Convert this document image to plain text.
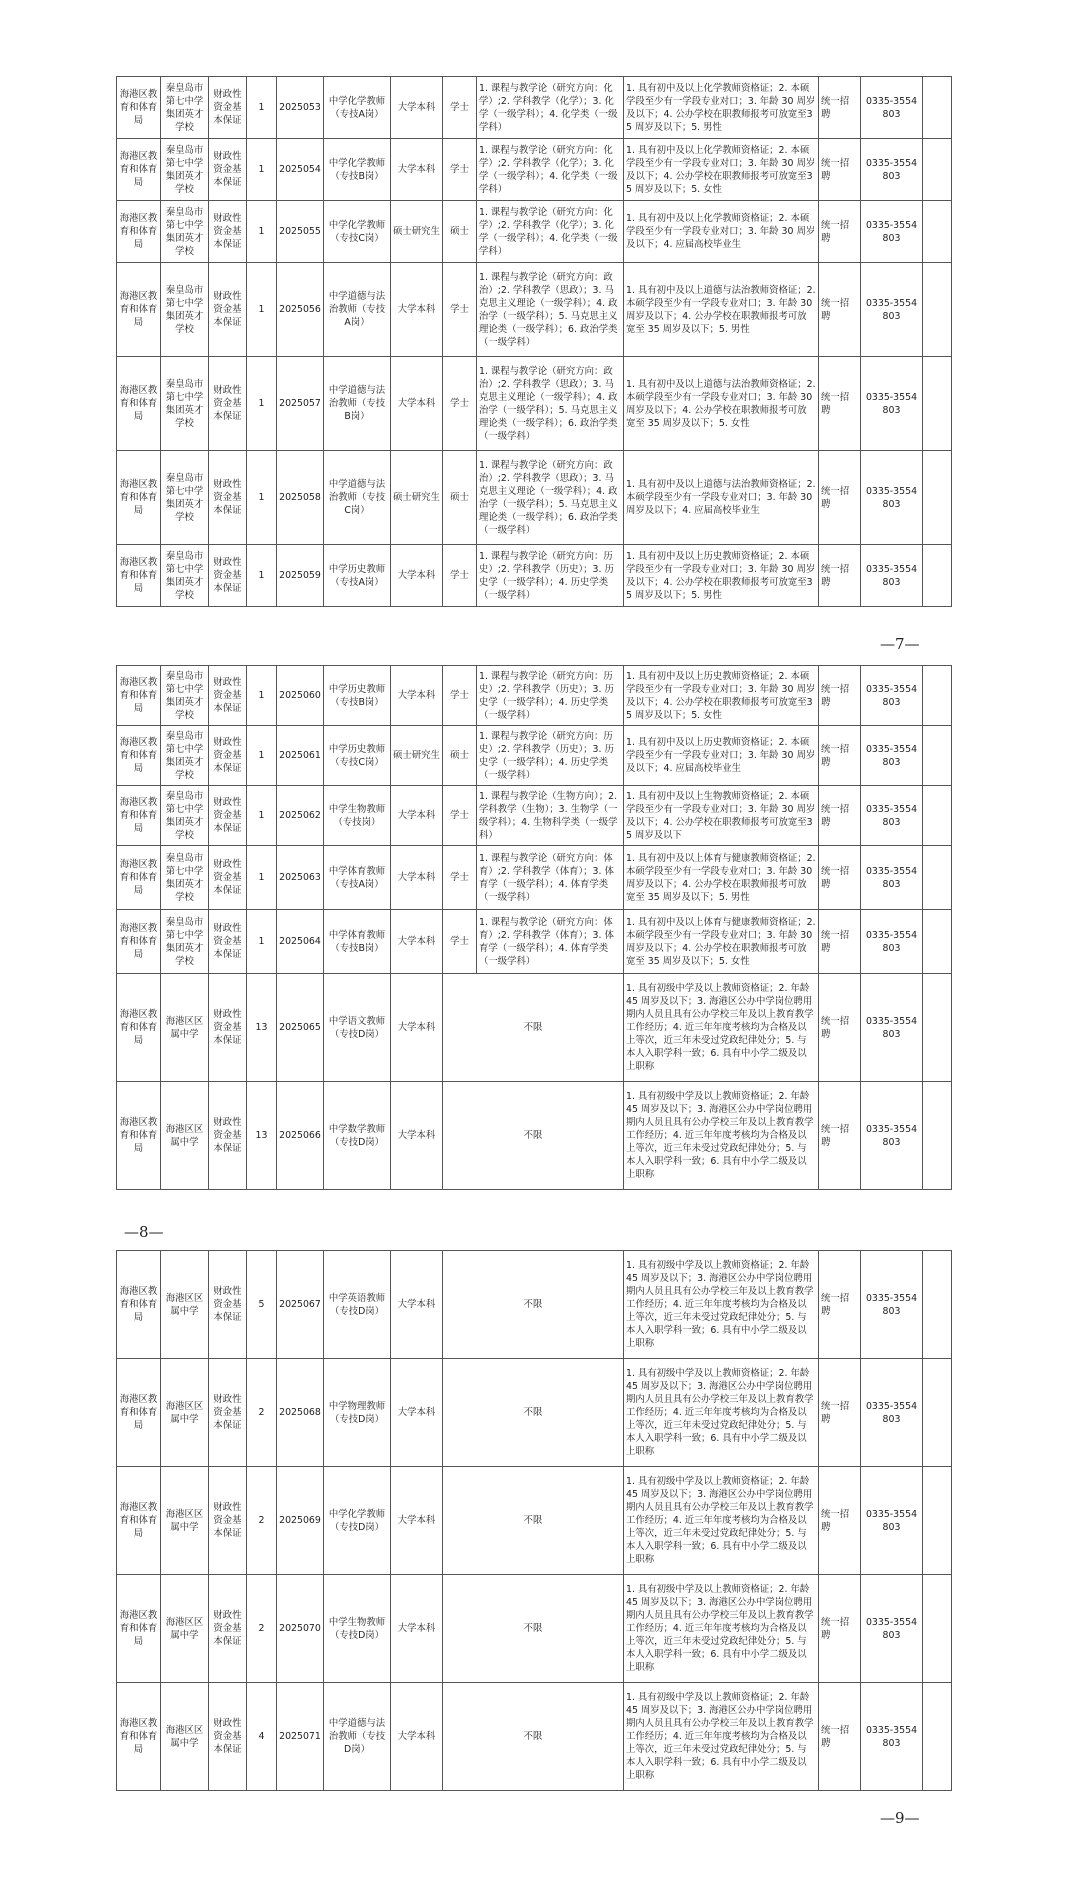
海港区教育和体育局	秦皇岛市第七中学集团英才学校	财政性资金基本保证	1	2025053	中学化学教师（专技A岗）	大学本科	学士	1. 课程与教学论（研究方向：化学）;2. 学科教学（化学）；3. 化学（一级学科）；4. 化学类（一级学科）	1. 具有初中及以上化学教师资格证；2. 本硕学段至少有一学段专业对口；3. 年龄 30 周岁及以下；4. 公办学校在职教师报考可放宽至35 周岁及以下；5. 男性	统一招聘	0335-3554803	
海港区教育和体育局	秦皇岛市第七中学集团英才学校	财政性资金基本保证	1	2025054	中学化学教师（专技B岗）	大学本科	学士	1. 课程与教学论（研究方向：化学）;2. 学科教学（化学）；3. 化学（一级学科）；4. 化学类（一级学科）	1. 具有初中及以上化学教师资格证；2. 本硕学段至少有一学段专业对口；3. 年龄 30 周岁及以下；4. 公办学校在职教师报考可放宽至35 周岁及以下；5. 女性	统一招聘	0335-3554803	
海港区教育和体育局	秦皇岛市第七中学集团英才学校	财政性资金基本保证	1	2025055	中学化学教师（专技C岗）	硕士研究生	硕士	1. 课程与教学论（研究方向：化学）;2. 学科教学（化学）；3. 化学（一级学科）；4. 化学类（一级学科）	1. 具有初中及以上化学教师资格证；2. 本硕学段至少有一学段专业对口；3. 年龄 30 周岁及以下；4. 应届高校毕业生	统一招聘	0335-3554803	
海港区教育和体育局	秦皇岛市第七中学集团英才学校	财政性资金基本保证	1	2025056	中学道德与法治教师（专技A岗）	大学本科	学士	1. 课程与教学论（研究方向：政治）;2. 学科教学（思政）；3. 马克思主义理论（一级学科）；4. 政治学（一级学科）；5. 马克思主义理论类（一级学科）；6. 政治学类（一级学科）	1. 具有初中及以上道德与法治教师资格证；2. 本硕学段至少有一学段专业对口；3. 年龄 30 周岁及以下；4. 公办学校在职教师报考可放宽至 35 周岁及以下；5. 男性	统一招聘	0335-3554803	
海港区教育和体育局	秦皇岛市第七中学集团英才学校	财政性资金基本保证	1	2025057	中学道德与法治教师（专技B岗）	大学本科	学士	1. 课程与教学论（研究方向：政治）;2. 学科教学（思政）；3. 马克思主义理论（一级学科）；4. 政治学（一级学科）；5. 马克思主义理论类（一级学科）；6. 政治学类（一级学科）	1. 具有初中及以上道德与法治教师资格证；2. 本硕学段至少有一学段专业对口；3. 年龄 30 周岁及以下；4. 公办学校在职教师报考可放宽至 35 周岁及以下；5. 女性	统一招聘	0335-3554803	
海港区教育和体育局	秦皇岛市第七中学集团英才学校	财政性资金基本保证	1	2025058	中学道德与法治教师（专技C岗）	硕士研究生	硕士	1. 课程与教学论（研究方向：政治）;2. 学科教学（思政）；3. 马克思主义理论（一级学科）；4. 政治学（一级学科）；5. 马克思主义理论类（一级学科）；6. 政治学类（一级学科）	1. 具有初中及以上道德与法治教师资格证；2. 本硕学段至少有一学段专业对口；3. 年龄 30 周岁及以下；4. 应届高校毕业生	统一招聘	0335-3554803	
海港区教育和体育局	秦皇岛市第七中学集团英才学校	财政性资金基本保证	1	2025059	中学历史教师（专技A岗）	大学本科	学士	1. 课程与教学论（研究方向：历史）;2. 学科教学（历史）；3. 历史学（一级学科）；4. 历史学类（一级学科）	1. 具有初中及以上历史教师资格证；2. 本硕学段至少有一学段专业对口；3. 年龄 30 周岁及以下；4. 公办学校在职教师报考可放宽至35 周岁及以下；5. 男性	统一招聘	0335-3554803	
—7—
海港区教育和体育局	秦皇岛市第七中学集团英才学校	财政性资金基本保证	1	2025060	中学历史教师（专技B岗）	大学本科	学士	1. 课程与教学论（研究方向：历史）;2. 学科教学（历史）；3. 历史学（一级学科）；4. 历史学类（一级学科）	1. 具有初中及以上历史教师资格证；2. 本硕学段至少有一学段专业对口；3. 年龄 30 周岁及以下；4. 公办学校在职教师报考可放宽至35 周岁及以下；5. 女性	统一招聘	0335-3554803	
海港区教育和体育局	秦皇岛市第七中学集团英才学校	财政性资金基本保证	1	2025061	中学历史教师（专技C岗）	硕士研究生	硕士	1. 课程与教学论（研究方向：历史）;2. 学科教学（历史）；3. 历史学（一级学科）；4. 历史学类（一级学科）	1. 具有初中及以上历史教师资格证；2. 本硕学段至少有一学段专业对口；3. 年龄 30 周岁及以下；4. 应届高校毕业生	统一招聘	0335-3554803	
海港区教育和体育局	秦皇岛市第七中学集团英才学校	财政性资金基本保证	1	2025062	中学生物教师（专技岗）	大学本科	学士	1. 课程与教学论（生物方向）；2. 学科教学（生物）；3. 生物学（一级学科）；4. 生物科学类（一级学科）	1. 具有初中及以上生物教师资格证；2. 本硕学段至少有一学段专业对口；3. 年龄 30 周岁及以下；4. 公办学校在职教师报考可放宽至35 周岁及以下	统一招聘	0335-3554803	
海港区教育和体育局	秦皇岛市第七中学集团英才学校	财政性资金基本保证	1	2025063	中学体育教师（专技A岗）	大学本科	学士	1. 课程与教学论（研究方向：体育）;2. 学科教学（体育）；3. 体育学（一级学科）；4. 体育学类（一级学科）	1. 具有初中及以上体育与健康教师资格证；2. 本硕学段至少有一学段专业对口；3. 年龄 30 周岁及以下；4. 公办学校在职教师报考可放宽至 35 周岁及以下；5. 男性	统一招聘	0335-3554803	
海港区教育和体育局	秦皇岛市第七中学集团英才学校	财政性资金基本保证	1	2025064	中学体育教师（专技B岗）	大学本科	学士	1. 课程与教学论（研究方向：体育）;2. 学科教学（体育）；3. 体育学（一级学科）；4. 体育学类（一级学科）	1. 具有初中及以上体育与健康教师资格证；2. 本硕学段至少有一学段专业对口；3. 年龄 30 周岁及以下；4. 公办学校在职教师报考可放宽至 35 周岁及以下；5. 女性	统一招聘	0335-3554803	
海港区教育和体育局	海港区区属中学	财政性资金基本保证	13	2025065	中学语文教师（专技D岗）	大学本科	不限		1. 具有初级中学及以上教师资格证；2. 年龄 45 周岁及以下；3. 海港区公办中学岗位聘用期内人员且具有公办学校三年及以上教育教学工作经历；4. 近三年年度考核均为合格及以上等次，近三年未受过党政纪律处分；5. 与本人入职学科一致；6. 具有中小学二级及以上职称	统一招聘	0335-3554803	
海港区教育和体育局	海港区区属中学	财政性资金基本保证	13	2025066	中学数学教师（专技D岗）	大学本科	不限		1. 具有初级中学及以上教师资格证；2. 年龄 45 周岁及以下；3. 海港区公办中学岗位聘用期内人员且具有公办学校三年及以上教育教学工作经历；4. 近三年年度考核均为合格及以上等次，近三年未受过党政纪律处分；5. 与本人入职学科一致；6. 具有中小学二级及以上职称	统一招聘	0335-3554803	
—8—
海港区教育和体育局	海港区区属中学	财政性资金基本保证	5	2025067	中学英语教师（专技D岗）	大学本科	不限	1. 具有初级中学及以上教师资格证；2. 年龄 45 周岁及以下；3. 海港区公办中学岗位聘用期内人员且具有公办学校三年及以上教育教学工作经历；4. 近三年年度考核均为合格及以上等次，近三年未受过党政纪律处分；5. 与本人入职学科一致；6. 具有中小学二级及以上职称	统一招聘	0335-3554803	
海港区教育和体育局	海港区区属中学	财政性资金基本保证	2	2025068	中学物理教师（专技D岗）	大学本科	不限	1. 具有初级中学及以上教师资格证；2. 年龄 45 周岁及以下；3. 海港区公办中学岗位聘用期内人员且具有公办学校三年及以上教育教学工作经历；4. 近三年年度考核均为合格及以上等次，近三年未受过党政纪律处分；5. 与本人入职学科一致；6. 具有中小学二级及以上职称	统一招聘	0335-3554803	
海港区教育和体育局	海港区区属中学	财政性资金基本保证	2	2025069	中学化学教师（专技D岗）	大学本科	不限	1. 具有初级中学及以上教师资格证；2. 年龄 45 周岁及以下；3. 海港区公办中学岗位聘用期内人员且具有公办学校三年及以上教育教学工作经历；4. 近三年年度考核均为合格及以上等次，近三年未受过党政纪律处分；5. 与本人入职学科一致；6. 具有中小学二级及以上职称	统一招聘	0335-3554803	
海港区教育和体育局	海港区区属中学	财政性资金基本保证	2	2025070	中学生物教师（专技D岗）	大学本科	不限	1. 具有初级中学及以上教师资格证；2. 年龄 45 周岁及以下；3. 海港区公办中学岗位聘用期内人员且具有公办学校三年及以上教育教学工作经历；4. 近三年年度考核均为合格及以上等次，近三年未受过党政纪律处分；5. 与本人入职学科一致；6. 具有中小学二级及以上职称	统一招聘	0335-3554803	
海港区教育和体育局	海港区区属中学	财政性资金基本保证	4	2025071	中学道德与法治教师（专技D岗）	大学本科	不限	1. 具有初级中学及以上教师资格证；2. 年龄 45 周岁及以下；3. 海港区公办中学岗位聘用期内人员且具有公办学校三年及以上教育教学工作经历；4. 近三年年度考核均为合格及以上等次，近三年未受过党政纪律处分；5. 与本人入职学科一致；6. 具有中小学二级及以上职称	统一招聘	0335-3554803	
—9—
